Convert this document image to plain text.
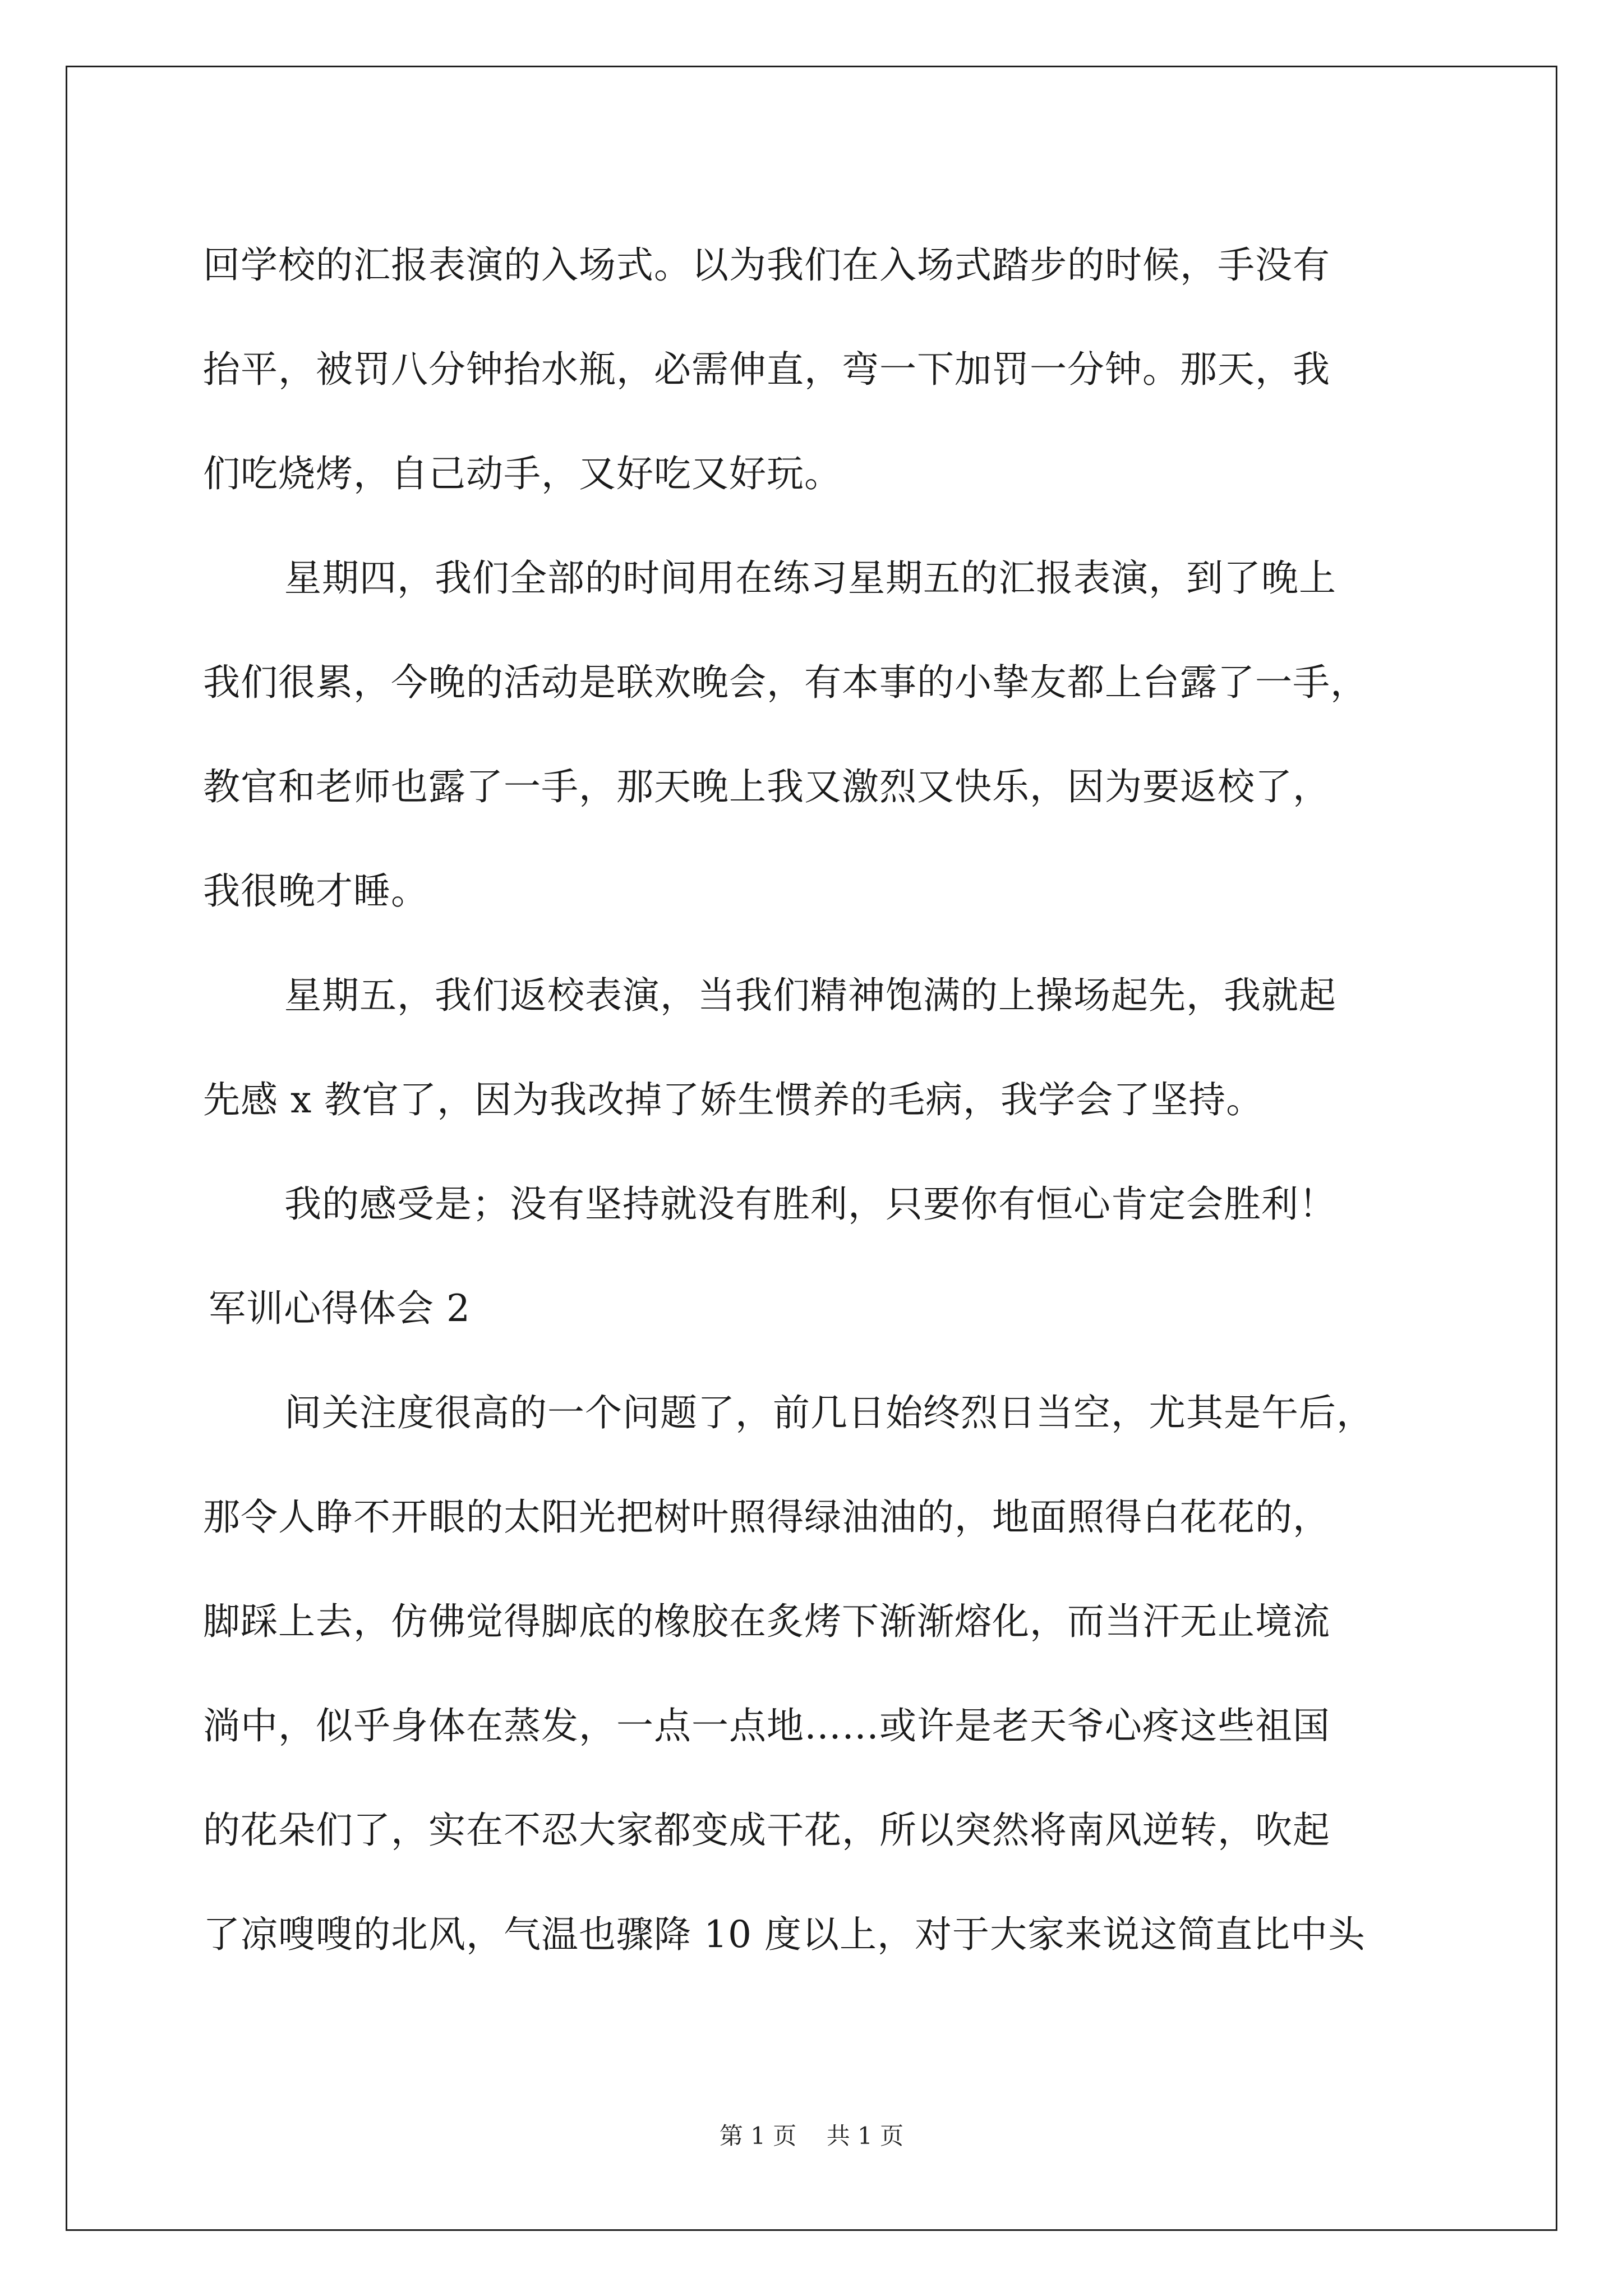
回学校的汇报表演的入场式。以为我们在入场式踏步的时候，手没有
抬平，被罚八分钟抬水瓶，必需伸直，弯一下加罚一分钟。那天，我
们吃烧烤，自己动手，又好吃又好玩。
星期四，我们全部的时间用在练习星期五的汇报表演，到了晚上
我们很累，今晚的活动是联欢晚会，有本事的小挚友都上台露了一手，
教官和老师也露了一手，那天晚上我又激烈又快乐，因为要返校了，
我很晚才睡。
星期五，我们返校表演，当我们精神饱满的上操场起先，我就起
先感 x 教官了，因为我改掉了娇生惯养的毛病，我学会了坚持。
我的感受是；没有坚持就没有胜利，只要你有恒心肯定会胜利！
军训心得体会 2
间关注度很高的一个问题了，前几日始终烈日当空，尤其是午后，
那令人睁不开眼的太阳光把树叶照得绿油油的，地面照得白花花的，
脚踩上去，仿佛觉得脚底的橡胶在炙烤下渐渐熔化，而当汗无止境流
淌中，似乎身体在蒸发，一点一点地……或许是老天爷心疼这些祖国
的花朵们了，实在不忍大家都变成干花，所以突然将南风逆转，吹起
了凉嗖嗖的北风，气温也骤降 10 度以上，对于大家来说这简直比中头
第 1 页    共 1 页
